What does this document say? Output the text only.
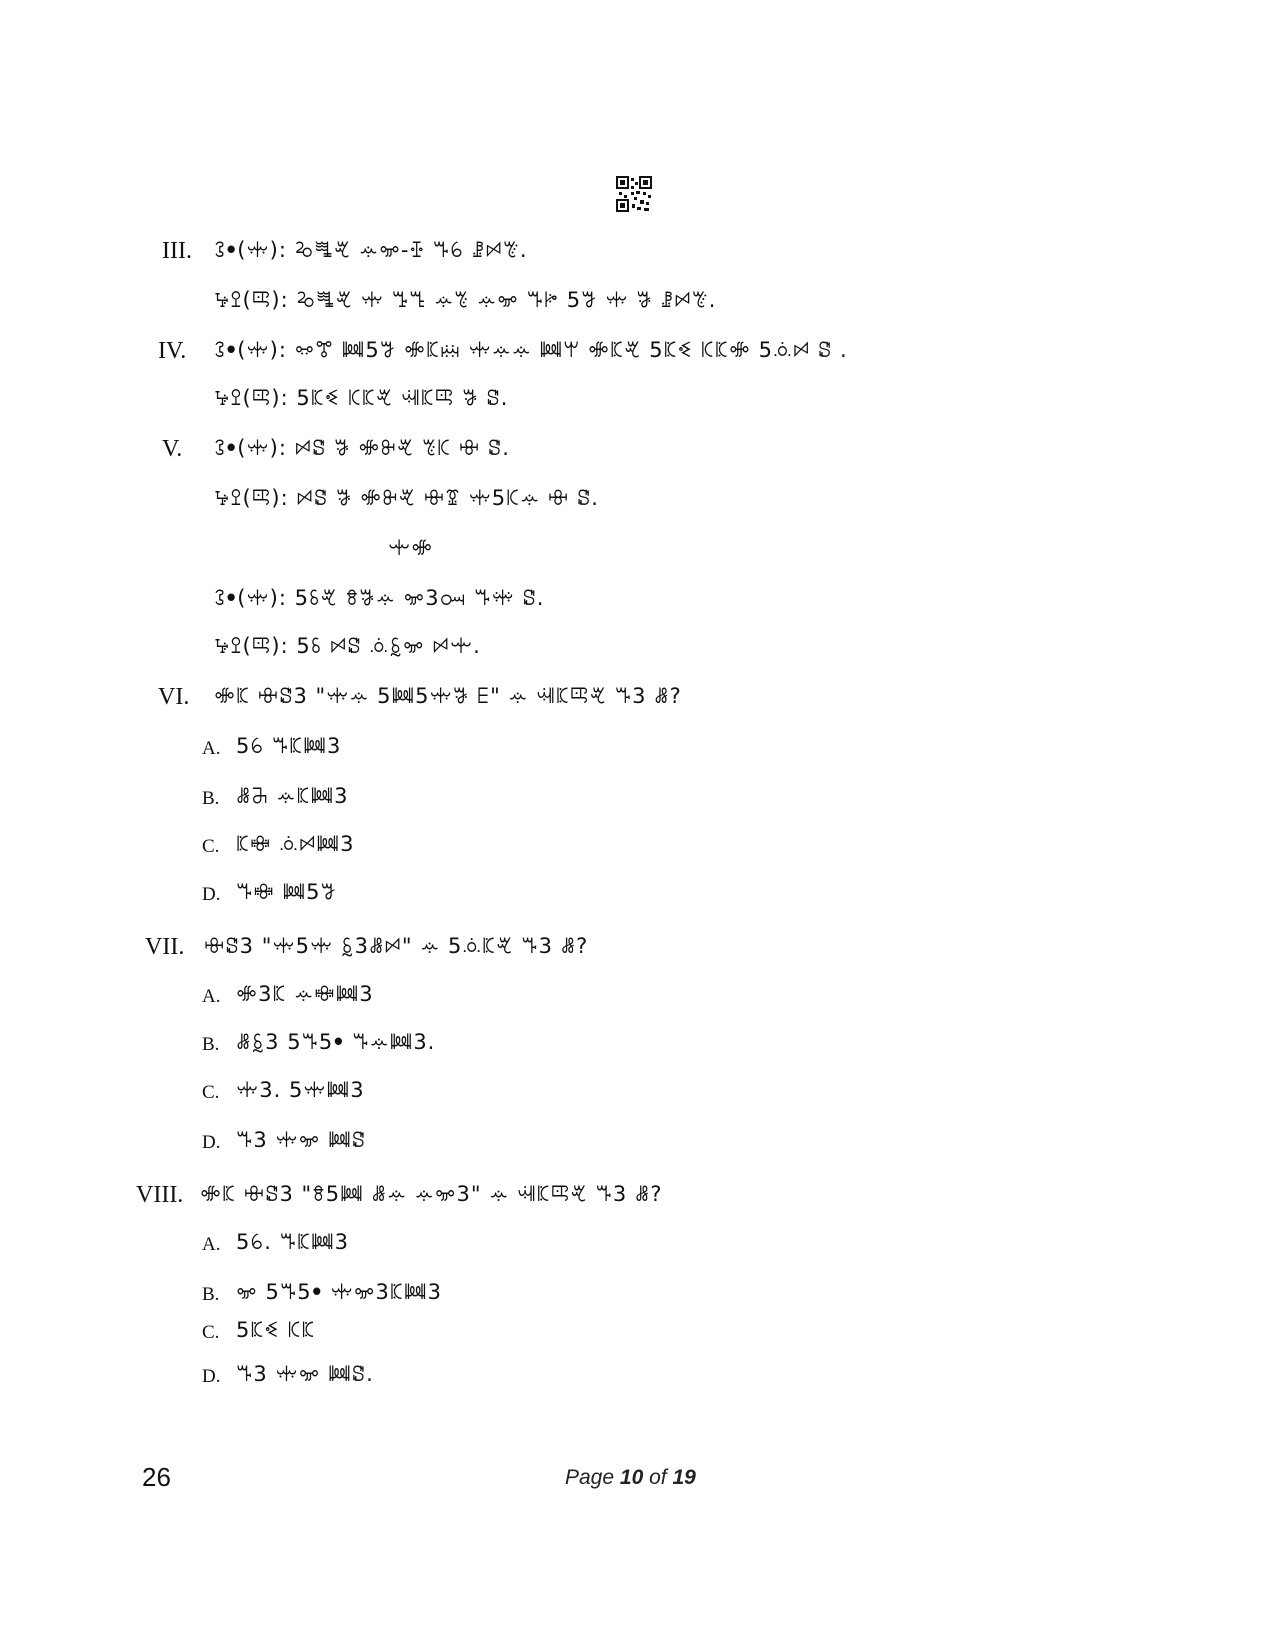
III. ꕘꔷ(ꗼ): ꕫꗀꕩ ꕂꗁ-ꔀ ꔒꕃ ꗗꗯꔴ.
ꕵꔌ(ꕓ): ꕫꗀꕩ ꗼ ꔤꔎ ꕂꔳ ꕂꗁ ꔒꔶ 5ꗌ ꗼ ꗎ ꗗꗯꔴ.
IV. ꕘꔷ(ꗼ): ꗭꔅ ꔞ5ꗌ ꗂꗫꗜ ꗼꕂꕂ ꔞꕚ ꗂꗫꕩ 5ꗫꔽ ꗪꗫꗂ 5ꗝꗯ ꗟ .
ꕵꔌ(ꕓ): 5ꗫꔽ ꗪꗫꕩ ꕝꗫꕓ ꗎ ꗟ.
V. ꕘꔷ(ꗼ): ꗯꗟ ꗎ ꗂꔬꕩ ꔳꗪ ꗳ ꗟ.
ꕵꔌ(ꕓ): ꗯꗟ ꗎ ꗂꔬꕩ ꗳꗒ ꗼ5ꗪꕂ ꗳ ꗟ.
ꗻꗂ
ꕘꔷ(ꗼ): 5ꗏꕩ ꗉꗎꕂ ꗁ3ꗢ ꔒꗽ ꗟ.
ꕵꔌ(ꕓ): 5ꗏ ꗯꗟ ꗝꗐꗁ ꗯꗻ.
VI. ꗂꗫ ꗳꗟ3 "ꗼꕂ 5ꔞ5ꗼꗎ ꗋ" ꕂ ꕝꗫꕓꕩ ꔒ3 ꗡ?
A. 5ꕃ ꔒꗫꔞ3
B. ꗡꔕ ꕂꗫꔞ3
C. ꗫꗴ ꗝꗯꔞ3
D. ꔒꗴ ꔞ5ꗌ
VII. ꗳꗟ3 "ꗼ5ꗼ ꗐ3ꗡꗯ" ꕂ 5ꗝꗫꕩ ꔒ3 ꗡ?
A. ꗂ3ꗫ ꕂꗴꔞ3
B. ꗡꗐ3 5ꔒ5ꔷ ꔒꕂꔞ3.
C. ꗼ3. 5ꗼꔞ3
D. ꔒ3 ꗼꗁ ꔞꗟ
VIII. ꗂꗫ ꗳꗟ3 "ꗉ5ꔞ ꗡꕂ ꕂꗁ3" ꕂ ꕝꗫꕓꕩ ꔒ3 ꗡ?
A. 5ꕃ. ꔒꗫꔞ3
B. ꗁ 5ꔒ5ꔷ ꗼꗁ3ꗫꔞ3
C. 5ꗫꔽ ꗪꗫ
D. ꔒ3 ꗼꗁ ꔞꗟ.
26	Page 10 of 19
